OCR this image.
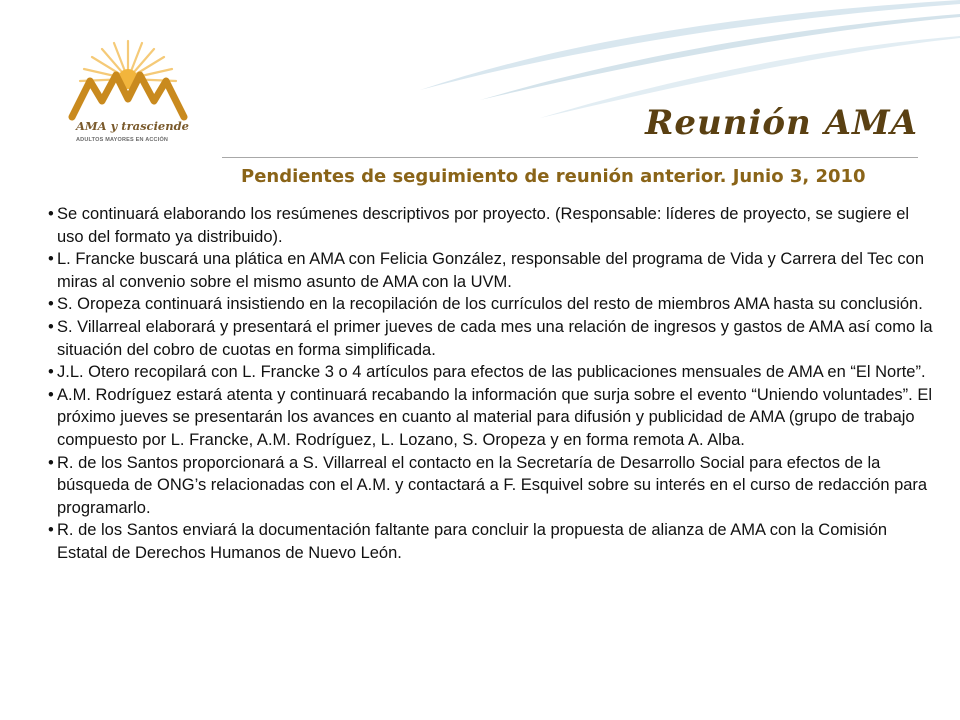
AMA y trasciende
ADULTOS MAYORES EN ACCIÓN	Reunión AMA
Pendientes de seguimiento de reunión anterior. Junio 3, 2010
• Se continuará elaborando los resúmenes descriptivos por proyecto. (Responsable: líderes de proyecto, se sugiere el uso del formato ya distribuido).
• L. Francke buscará una plática en AMA con Felicia González, responsable del programa de Vida y Carrera del Tec con miras al convenio sobre el mismo asunto de AMA con la UVM.
• S. Oropeza continuará insistiendo en la recopilación de los currículos del resto de miembros AMA hasta su conclusión.
• S. Villarreal elaborará y presentará el primer jueves de cada mes una relación de ingresos y gastos de AMA así como la situación del cobro de cuotas en forma simplificada.
• J.L. Otero recopilará con L. Francke 3 o 4 artículos para efectos de las publicaciones mensuales de AMA en “El Norte”.
• A.M. Rodríguez estará atenta y continuará recabando la información que surja sobre el evento “Uniendo voluntades”. El próximo jueves se presentarán los avances en cuanto al material para difusión y publicidad de AMA (grupo de trabajo compuesto por L. Francke, A.M. Rodríguez, L. Lozano, S. Oropeza y en forma remota A. Alba.
• R. de los Santos proporcionará a S. Villarreal el contacto en la Secretaría de Desarrollo Social para efectos de la búsqueda de ONG’s relacionadas con el A.M. y contactará a F. Esquivel sobre su interés en el curso de redacción para programarlo.
• R. de los Santos enviará la documentación faltante para concluir la propuesta de alianza de AMA con la Comisión Estatal de Derechos Humanos de Nuevo León.
